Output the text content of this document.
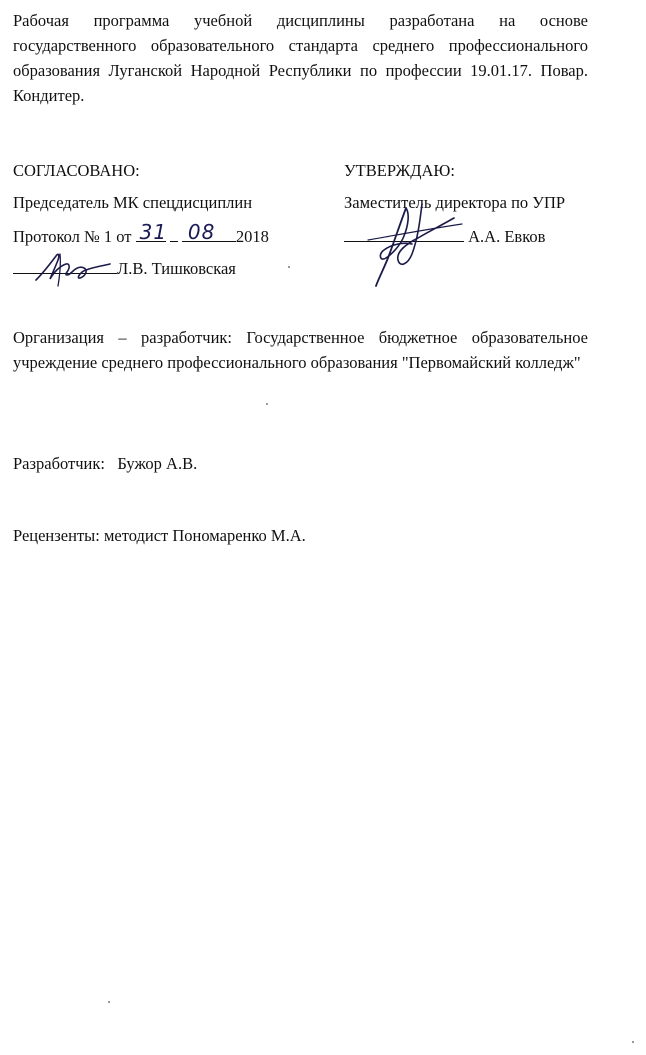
Рабочая программа учебной дисциплины разработана на основе государственного образовательного стандарта среднего профессионального образования Луганской Народной Республики по профессии 19.01.17. Повар. Кондитер.
СОГЛАСОВАНО:
Председатель МК спецдисциплин
Протокол № 1 от 31
08 2018
Л.В. Тишковская
УТВЕРЖДАЮ:
Заместитель директора по УПР
А.А. Евков
Организация – разработчик: Государственное бюджетное образовательное учреждение среднего профессионального образования "Первомайский колледж"
Разработчик: Бужор А.В.
Рецензенты: методист Пономаренко М.А.
